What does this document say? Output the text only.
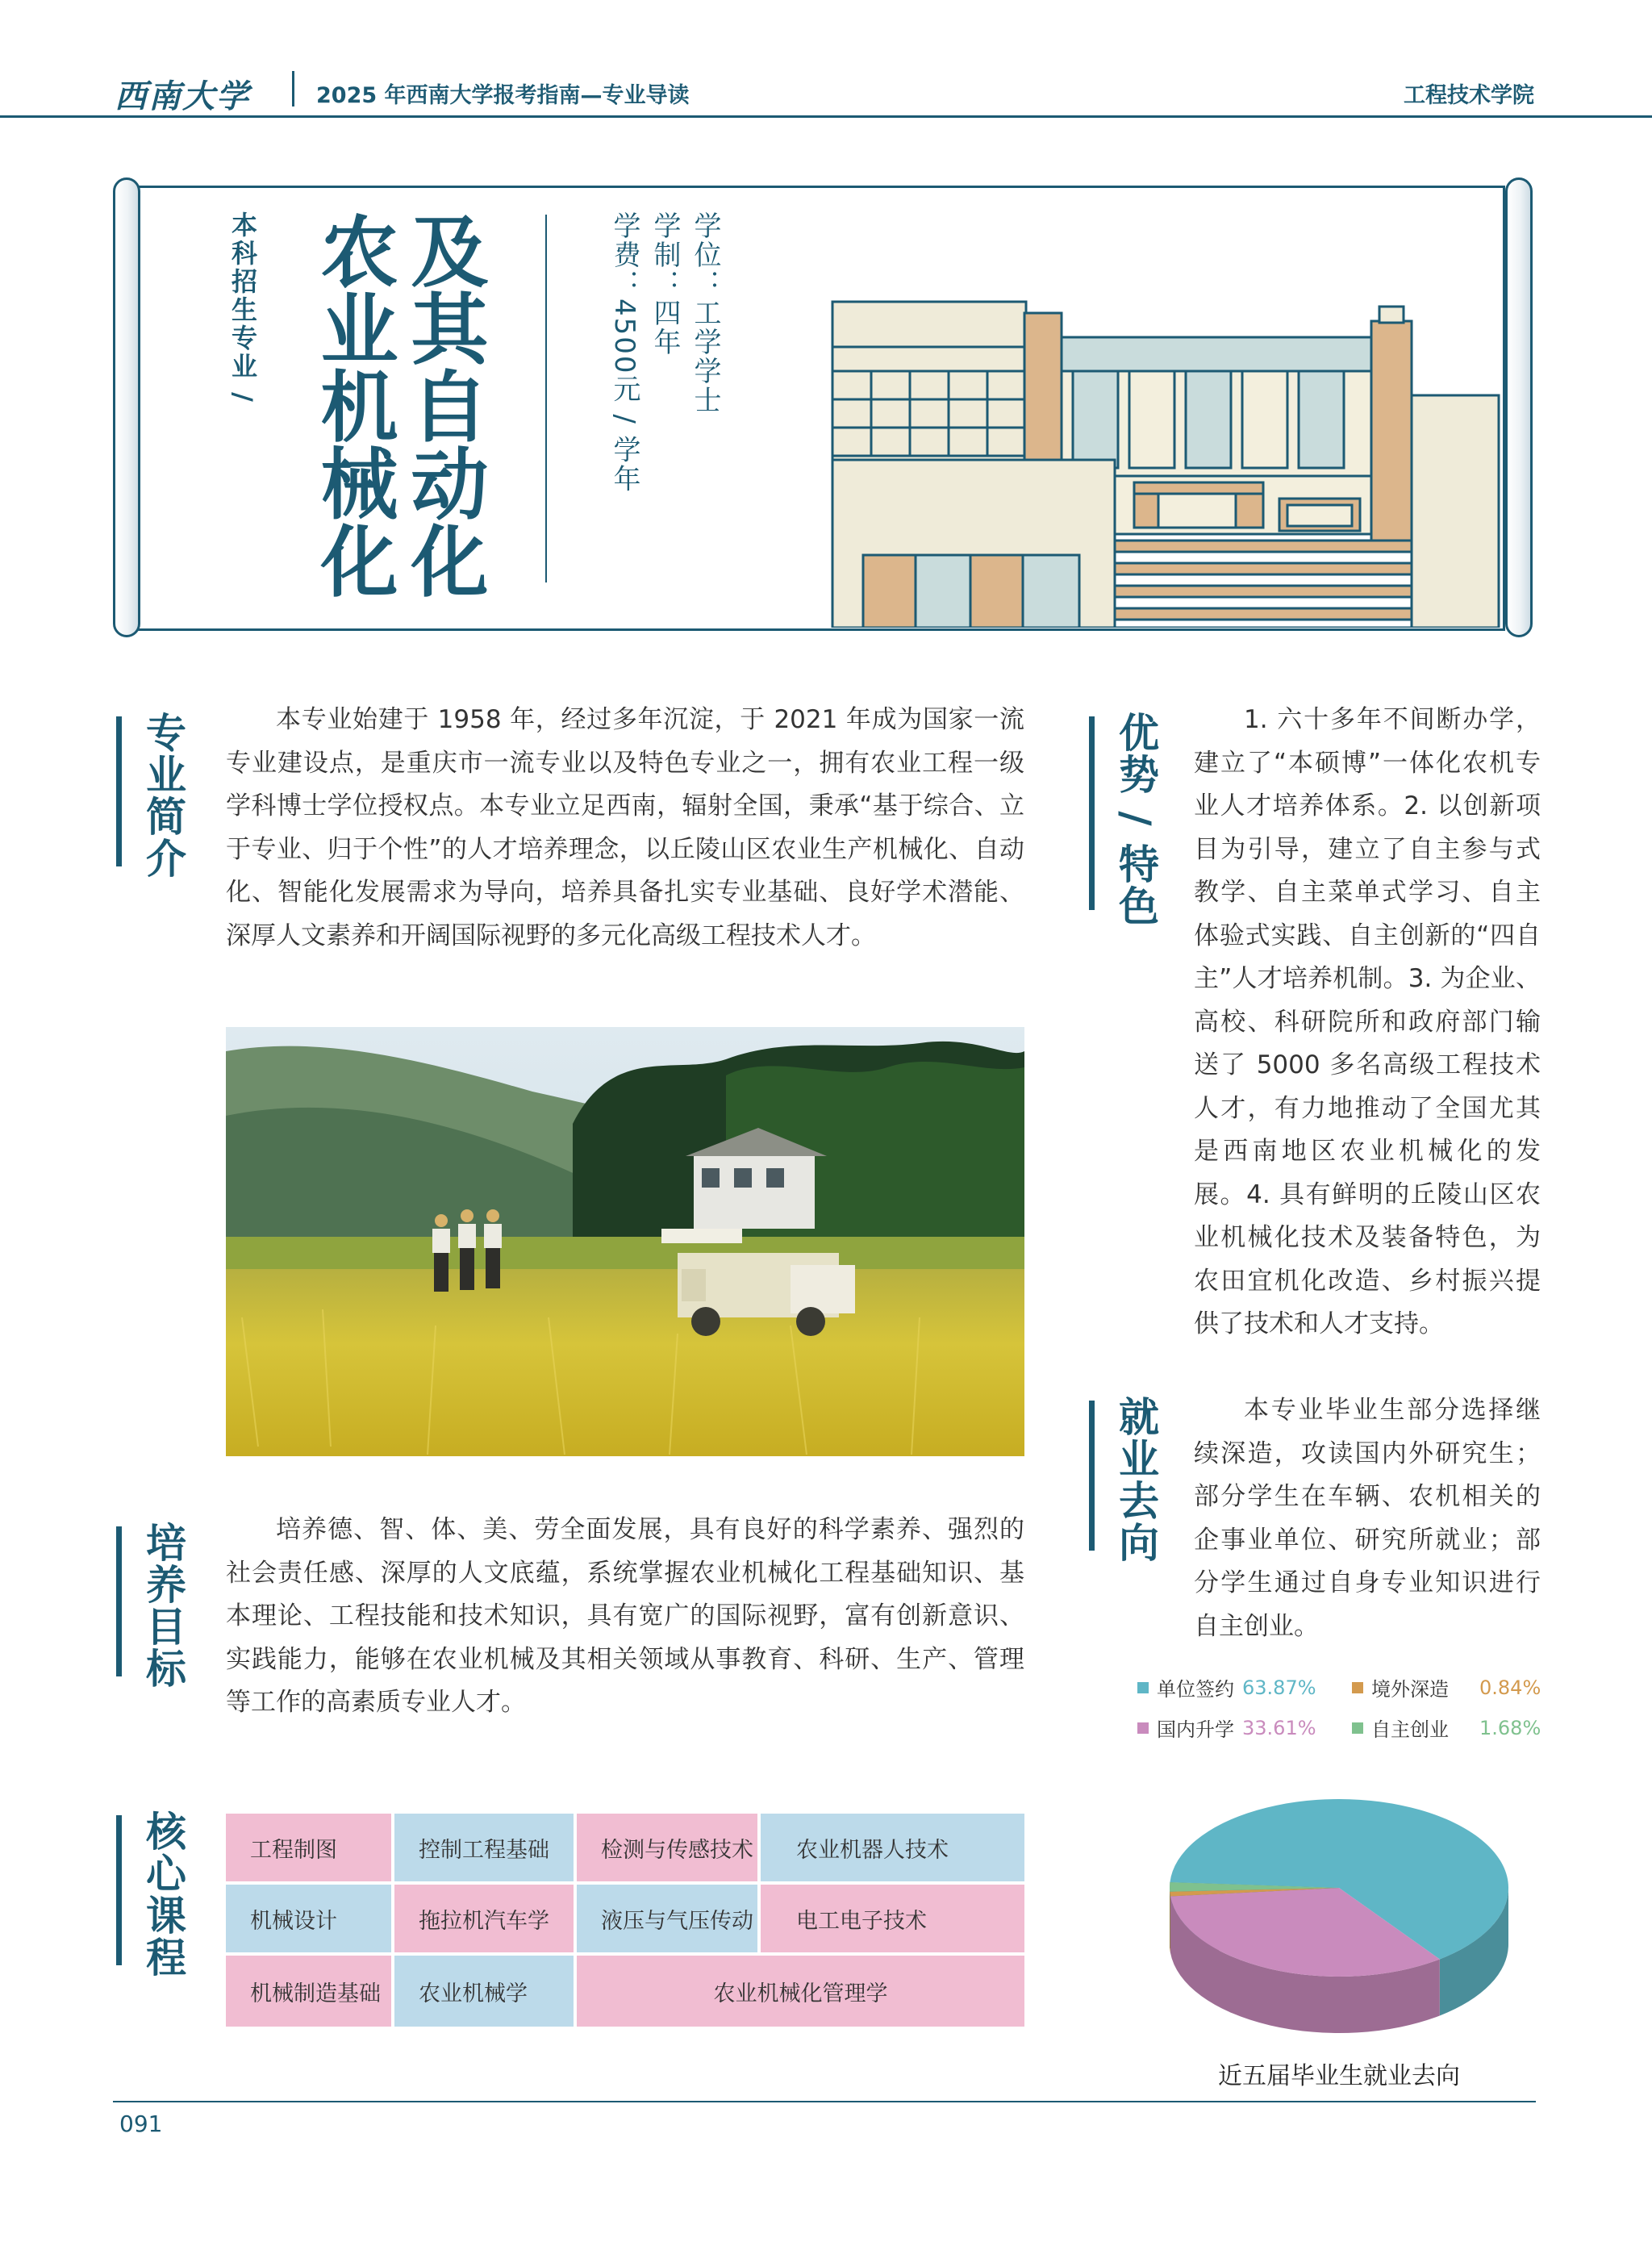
西南大学	2025 年西南大学报考指南—专业导读	工程技术学院
本科招生专业 / 及其自动化
农业机械化	学位：工学学士
学制：四年
学费：4500元 / 学年
专业简介	本专业始建于 1958 年，经过多年沉淀，于 2021 年成为国家一流专业建设点，是重庆市一流专业以及特色专业之一，拥有农业工程一级学科博士学位授权点。本专业立足西南，辐射全国，秉承“基于综合、立于专业、归于个性”的人才培养理念，以丘陵山区农业生产机械化、自动化、智能化发展需求为导向，培养具备扎实专业基础、良好学术潜能、深厚人文素养和开阔国际视野的多元化高级工程技术人才。

培养目标	培养德、智、体、美、劳全面发展，具有良好的科学素养、强烈的社会责任感、深厚的人文底蕴，系统掌握农业机械化工程基础知识、基本理论、工程技能和技术知识，具有宽广的国际视野，富有创新意识、实践能力，能够在农业机械及其相关领域从事教育、科研、生产、管理等工作的高素质专业人才。

核心课程	工程制图	控制工程基础	检测与传感技术	农业机器人技术
机械设计	拖拉机汽车学	液压与气压传动	电工电子技术
机械制造基础	农业机械学	农业机械化管理学
优势 / 特色	1. 六十多年不间断办学，建立了“本硕博”一体化农机专业人才培养体系。2. 以创新项目为引导，建立了自主参与式教学、自主菜单式学习、自主体验式实践、自主创新的“四自主”人才培养机制。3. 为企业、高校、科研院所和政府部门输送了 5000 多名高级工程技术人才，有力地推动了全国尤其是西南地区农业机械化的发展。4. 具有鲜明的丘陵山区农业机械化技术及装备特色，为农田宜机化改造、乡村振兴提供了技术和人才支持。

就业去向	本专业毕业生部分选择继续深造，攻读国内外研究生；部分学生在车辆、农机相关的企事业单位、研究所就业；部分学生通过自身专业知识进行自主创业。

单位签约 63.87%	境外深造 0.84%
国内升学 33.61%	自主创业 1.68%
近五届毕业生就业去向
091
